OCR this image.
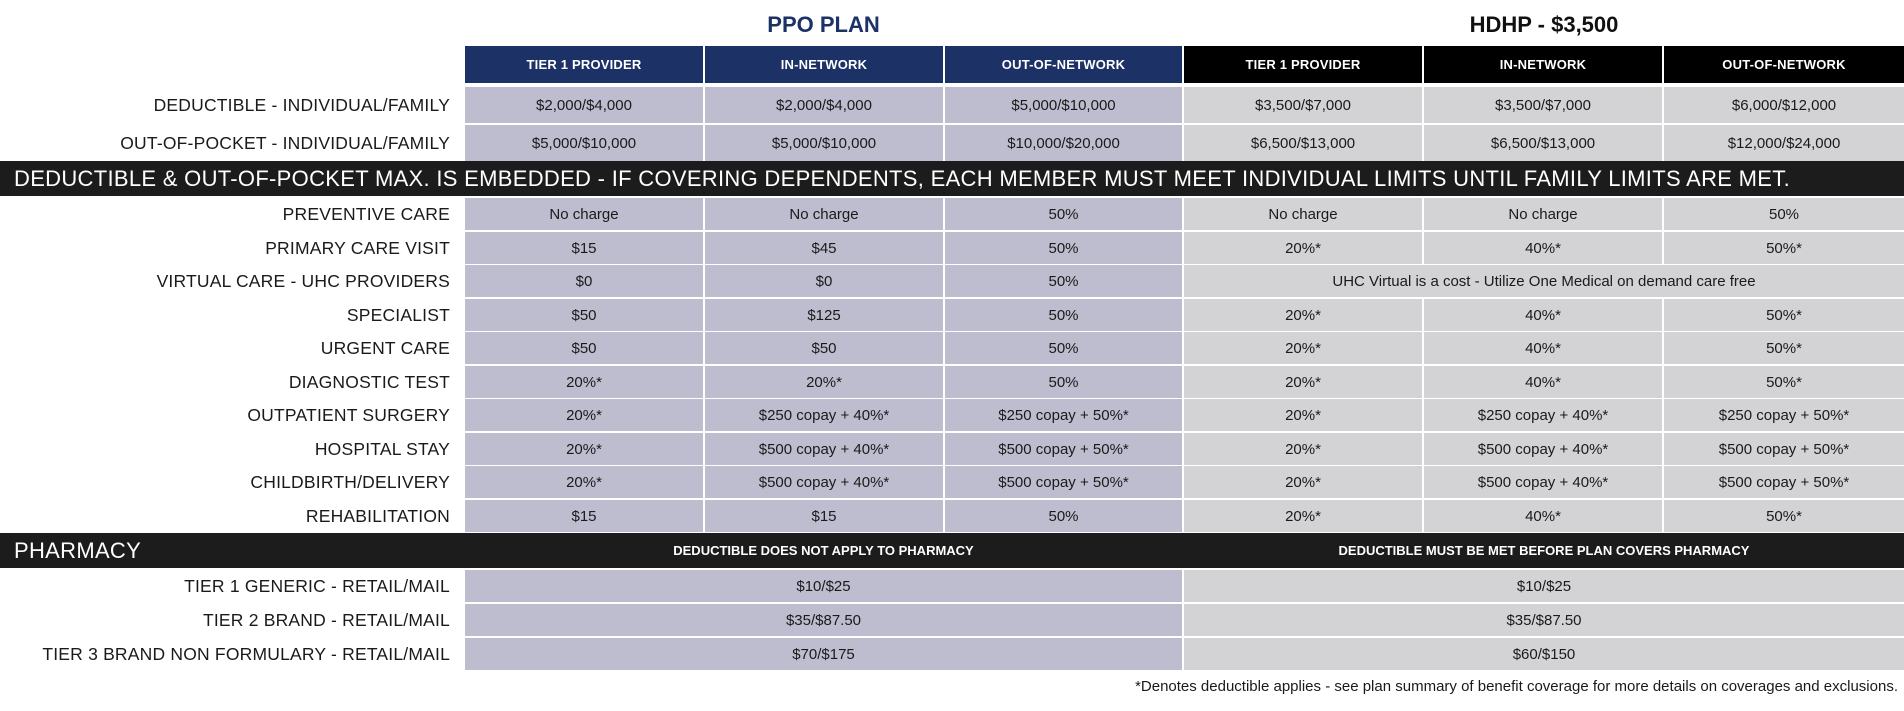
PPO PLAN	HDHP - $3,500
TIER 1 PROVIDER	IN-NETWORK	OUT-OF-NETWORK	TIER 1 PROVIDER	IN-NETWORK	OUT-OF-NETWORK
DEDUCTIBLE - INDIVIDUAL/FAMILY	$2,000/$4,000	$2,000/$4,000	$5,000/$10,000	$3,500/$7,000	$3,500/$7,000	$6,000/$12,000
OUT-OF-POCKET - INDIVIDUAL/FAMILY	$5,000/$10,000	$5,000/$10,000	$10,000/$20,000	$6,500/$13,000	$6,500/$13,000	$12,000/$24,000
DEDUCTIBLE & OUT-OF-POCKET MAX. IS EMBEDDED - IF COVERING DEPENDENTS, EACH MEMBER MUST MEET INDIVIDUAL LIMITS UNTIL FAMILY LIMITS ARE MET.
PREVENTIVE CARE	No charge	No charge	50%	No charge	No charge	50%
PRIMARY CARE VISIT	$15	$45	50%	20%*	40%*	50%*
VIRTUAL CARE - UHC PROVIDERS	$0	$0	50%	UHC Virtual is a cost - Utilize One Medical on demand care free
SPECIALIST	$50	$125	50%	20%*	40%*	50%*
URGENT CARE	$50	$50	50%	20%*	40%*	50%*
DIAGNOSTIC TEST	20%*	20%*	50%	20%*	40%*	50%*
OUTPATIENT SURGERY	20%*	$250 copay + 40%*	$250 copay + 50%*	20%*	$250 copay + 40%*	$250 copay + 50%*
HOSPITAL STAY	20%*	$500 copay + 40%*	$500 copay + 50%*	20%*	$500 copay + 40%*	$500 copay + 50%*
CHILDBIRTH/DELIVERY	20%*	$500 copay + 40%*	$500 copay + 50%*	20%*	$500 copay + 40%*	$500 copay + 50%*
REHABILITATION	$15	$15	50%	20%*	40%*	50%*
PHARMACY	DEDUCTIBLE DOES NOT APPLY TO PHARMACY	DEDUCTIBLE MUST BE MET BEFORE PLAN COVERS PHARMACY
TIER 1 GENERIC - RETAIL/MAIL	$10/$25	$10/$25
TIER 2 BRAND - RETAIL/MAIL	$35/$87.50	$35/$87.50
TIER 3 BRAND NON FORMULARY - RETAIL/MAIL	$70/$175	$60/$150
*Denotes deductible applies - see plan summary of benefit coverage for more details on coverages and exclusions.
